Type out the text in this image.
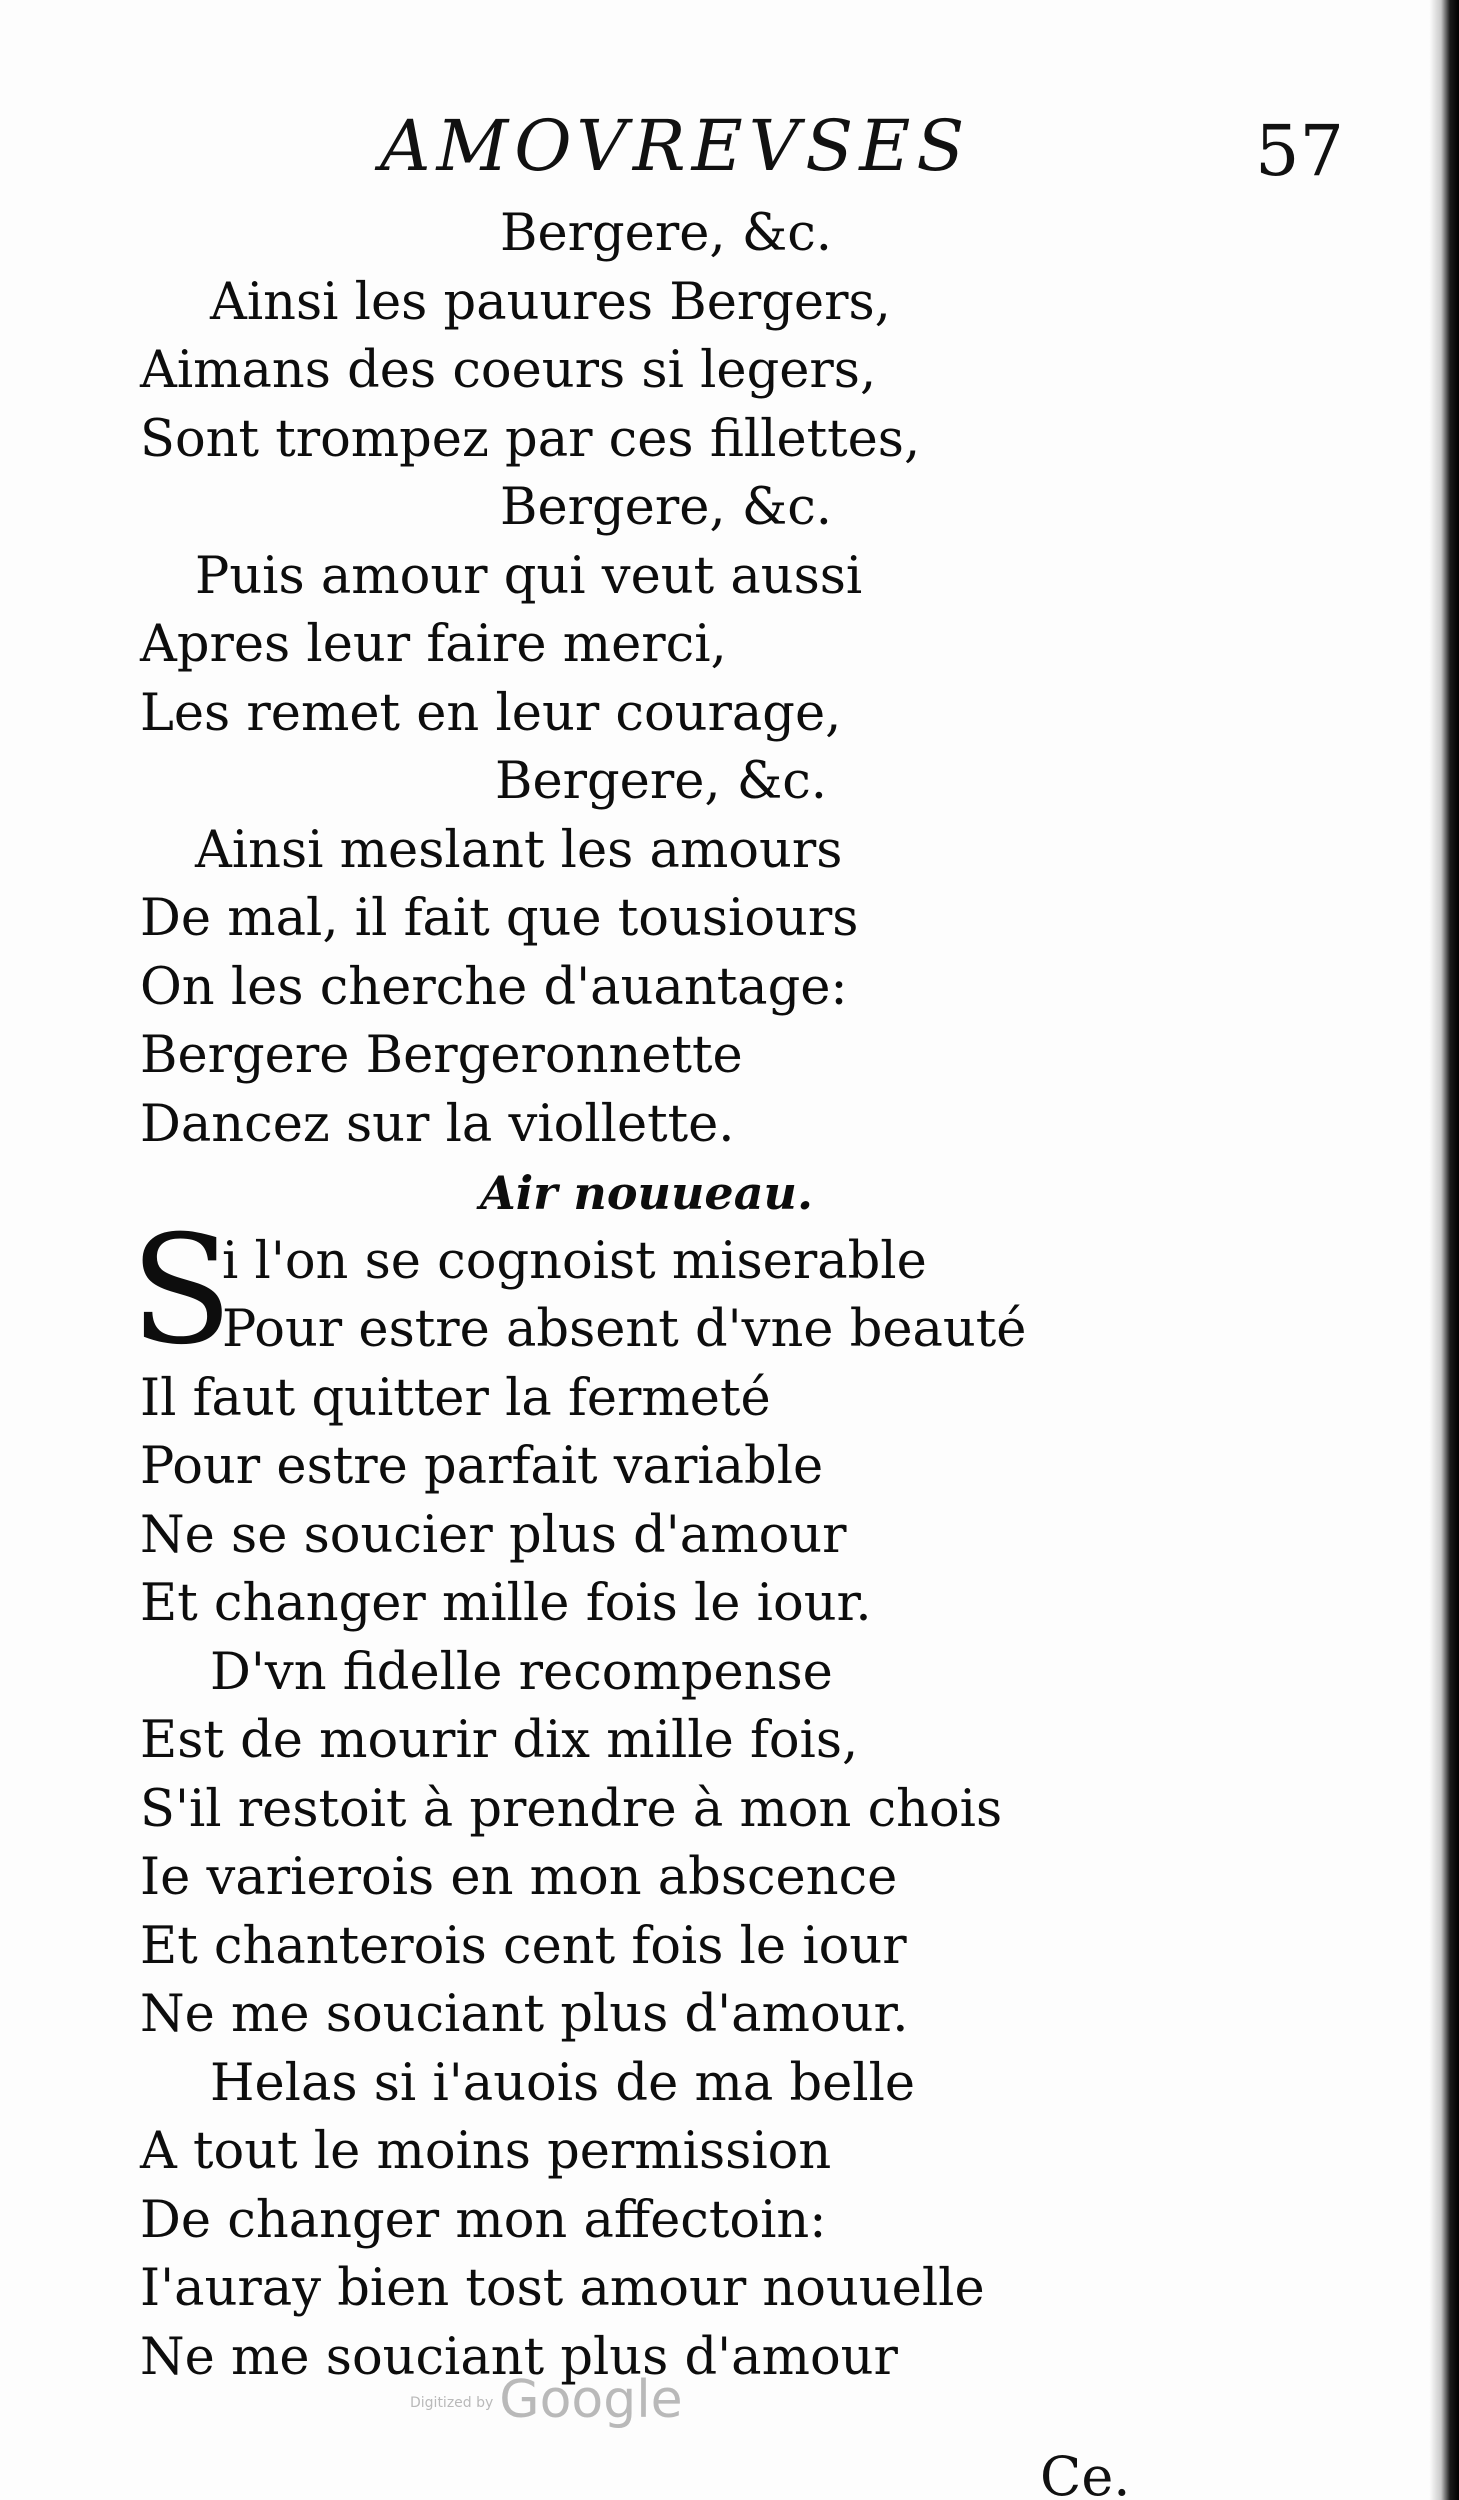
AMOVREVSES	57
Bergere, &c.
Ainsi les pauures Bergers,
Aimans des coeurs si legers,
Sont trompez par ces fillettes,
Bergere, &c.
Puis amour qui veut aussi
Apres leur faire merci,
Les remet en leur courage,
Bergere, &c.
Ainsi meslant les amours
De mal, il fait que tousiours
On les cherche d'auantage:
Bergere Bergeronnette
Dancez sur la viollette.
Air nouueau.
S
i l'on se cognoist miserable
Pour estre absent d'vne beauté
Il faut quitter la fermeté
Pour estre parfait variable
Ne se soucier plus d'amour
Et changer mille fois le iour.
D'vn fidelle recompense
Est de mourir dix mille fois,
S'il restoit à prendre à mon chois
Ie varierois en mon abscence
Et chanterois cent fois le iour
Ne me souciant plus d'amour.
Helas si i'auois de ma belle
A tout le moins permission
De changer mon affectoin:
I'auray bien tost amour nouuelle
Ne me souciant plus d'amour
Digitized by Google
Ce.
